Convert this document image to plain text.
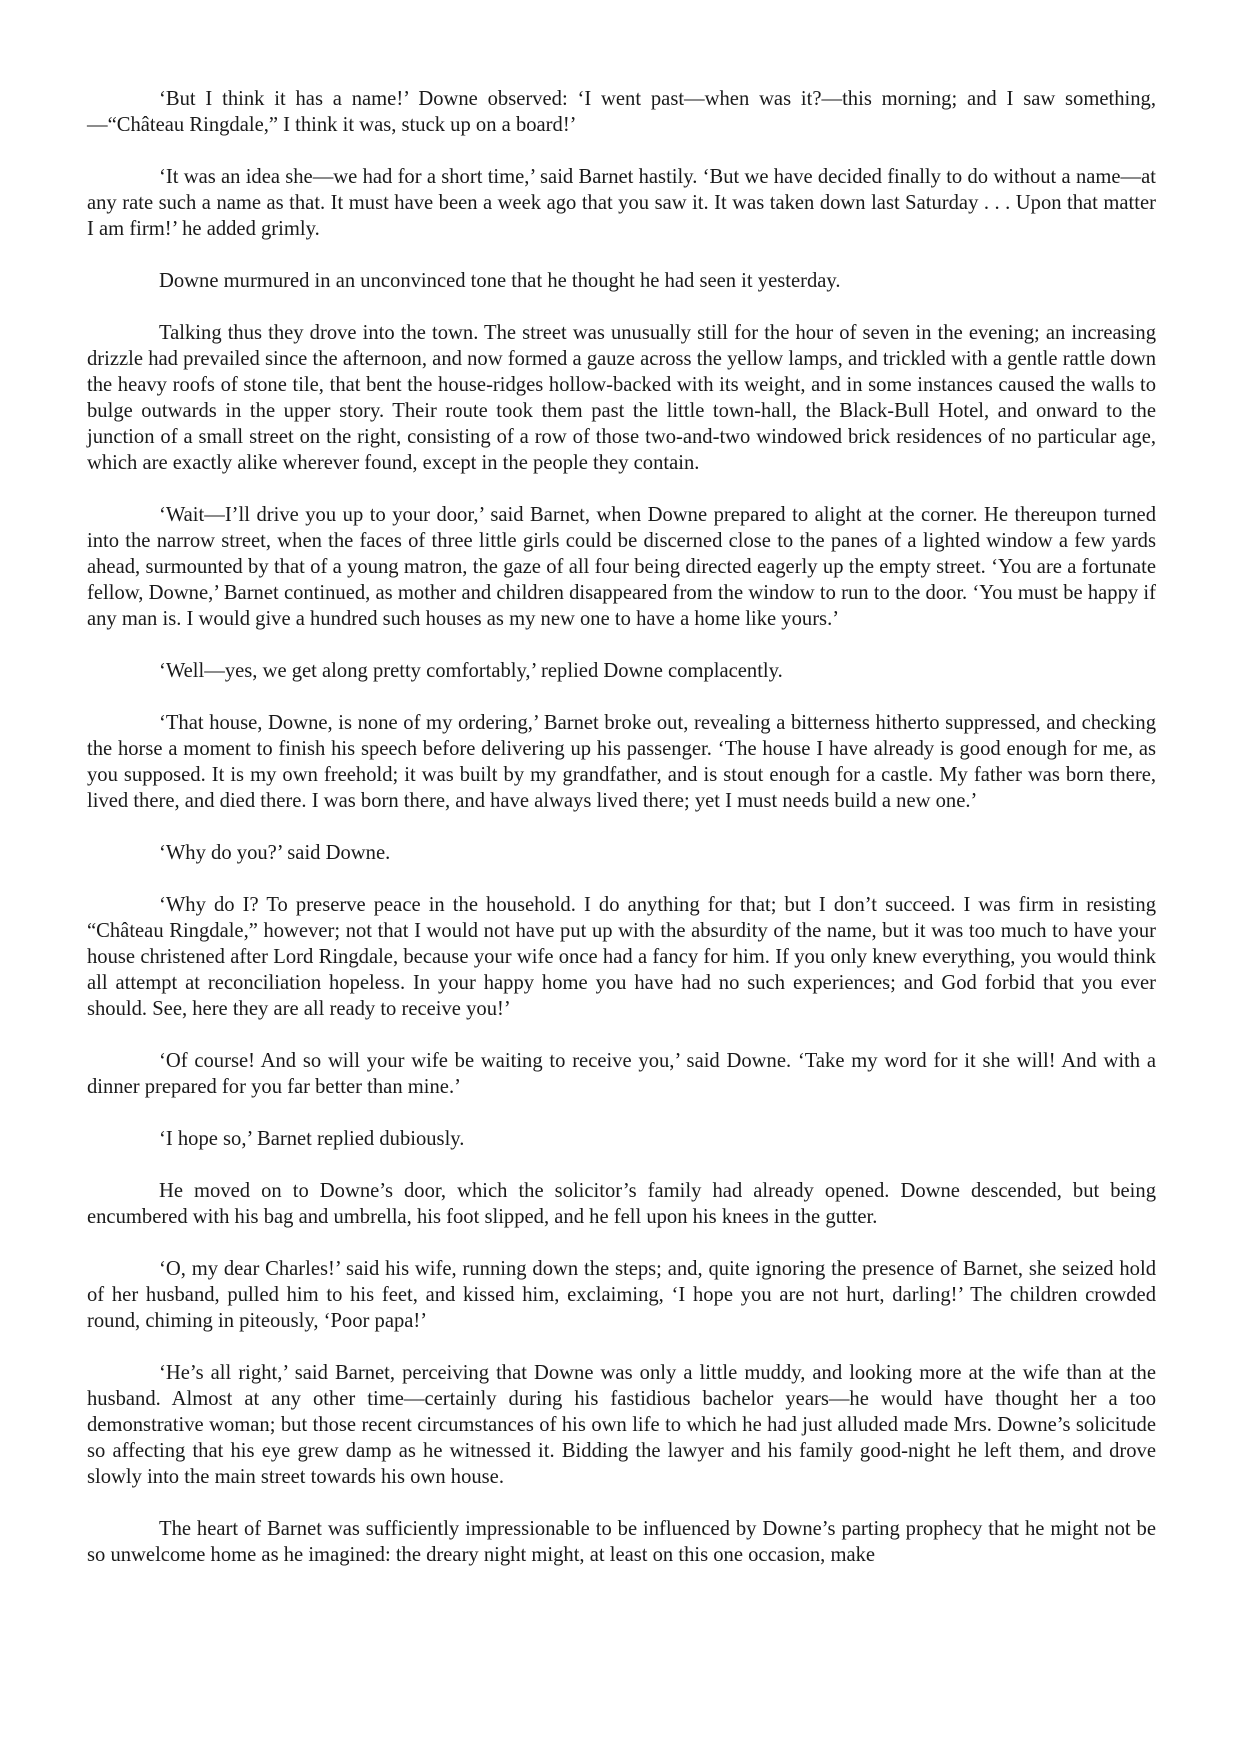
‘But I think it has a name!’ Downe observed: ‘I went past—when was it?—this morning; and I saw something,—“Château Ringdale,” I think it was, stuck up on a board!’

‘It was an idea she—we had for a short time,’ said Barnet hastily. ‘But we have decided finally to do without a name—at any rate such a name as that. It must have been a week ago that you saw it. It was taken down last Saturday . . . Upon that matter I am firm!’ he added grimly.

Downe murmured in an unconvinced tone that he thought he had seen it yesterday.

Talking thus they drove into the town. The street was unusually still for the hour of seven in the evening; an increasing drizzle had prevailed since the afternoon, and now formed a gauze across the yellow lamps, and trickled with a gentle rattle down the heavy roofs of stone tile, that bent the house-ridges hollow-backed with its weight, and in some instances caused the walls to bulge outwards in the upper story. Their route took them past the little town-hall, the Black-Bull Hotel, and onward to the junction of a small street on the right, consisting of a row of those two-and-two windowed brick residences of no particular age, which are exactly alike wherever found, except in the people they contain.

‘Wait—I’ll drive you up to your door,’ said Barnet, when Downe prepared to alight at the corner. He thereupon turned into the narrow street, when the faces of three little girls could be discerned close to the panes of a lighted window a few yards ahead, surmounted by that of a young matron, the gaze of all four being directed eagerly up the empty street. ‘You are a fortunate fellow, Downe,’ Barnet continued, as mother and children disappeared from the window to run to the door. ‘You must be happy if any man is. I would give a hundred such houses as my new one to have a home like yours.’

‘Well—yes, we get along pretty comfortably,’ replied Downe complacently.

‘That house, Downe, is none of my ordering,’ Barnet broke out, revealing a bitterness hitherto suppressed, and checking the horse a moment to finish his speech before delivering up his passenger. ‘The house I have already is good enough for me, as you supposed. It is my own freehold; it was built by my grandfather, and is stout enough for a castle. My father was born there, lived there, and died there. I was born there, and have always lived there; yet I must needs build a new one.’

‘Why do you?’ said Downe.

‘Why do I? To preserve peace in the household. I do anything for that; but I don’t succeed. I was firm in resisting “Château Ringdale,” however; not that I would not have put up with the absurdity of the name, but it was too much to have your house christened after Lord Ringdale, because your wife once had a fancy for him. If you only knew everything, you would think all attempt at reconciliation hopeless. In your happy home you have had no such experiences; and God forbid that you ever should. See, here they are all ready to receive you!’

‘Of course! And so will your wife be waiting to receive you,’ said Downe. ‘Take my word for it she will! And with a dinner prepared for you far better than mine.’

‘I hope so,’ Barnet replied dubiously.

He moved on to Downe’s door, which the solicitor’s family had already opened. Downe descended, but being encumbered with his bag and umbrella, his foot slipped, and he fell upon his knees in the gutter.

‘O, my dear Charles!’ said his wife, running down the steps; and, quite ignoring the presence of Barnet, she seized hold of her husband, pulled him to his feet, and kissed him, exclaiming, ‘I hope you are not hurt, darling!’ The children crowded round, chiming in piteously, ‘Poor papa!’

‘He’s all right,’ said Barnet, perceiving that Downe was only a little muddy, and looking more at the wife than at the husband. Almost at any other time—certainly during his fastidious bachelor years—he would have thought her a too demonstrative woman; but those recent circumstances of his own life to which he had just alluded made Mrs. Downe’s solicitude so affecting that his eye grew damp as he witnessed it. Bidding the lawyer and his family good-night he left them, and drove slowly into the main street towards his own house.

The heart of Barnet was sufficiently impressionable to be influenced by Downe’s parting prophecy that he might not be so unwelcome home as he imagined: the dreary night might, at least on this one occasion, make
